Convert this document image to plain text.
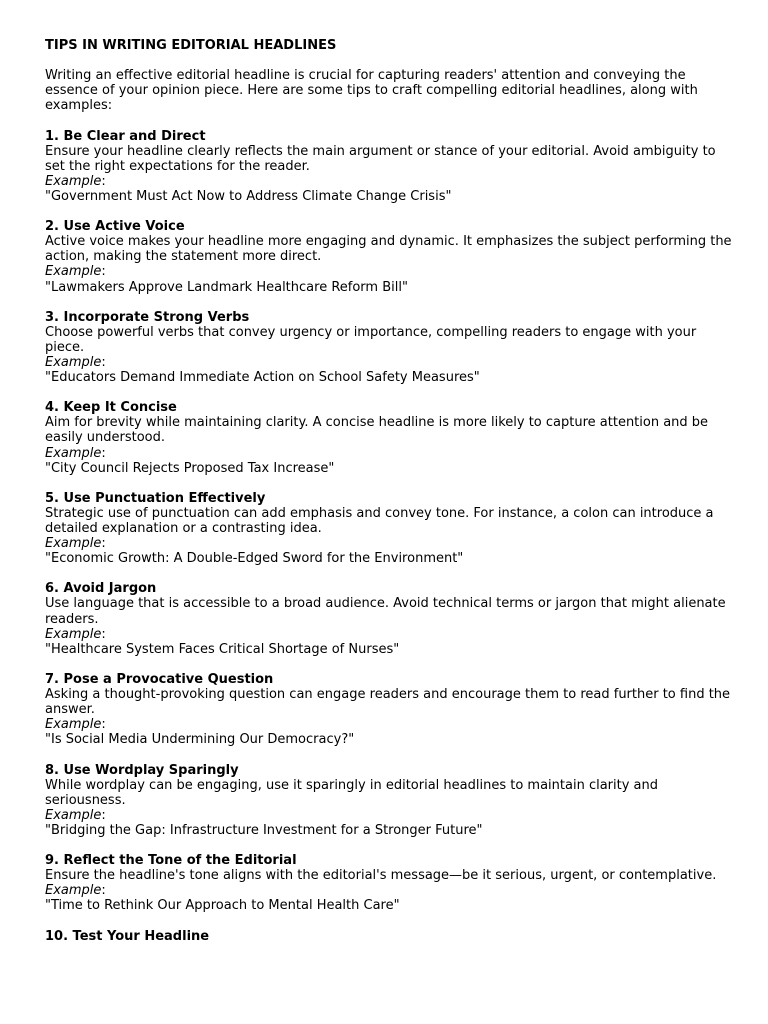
TIPS IN WRITING EDITORIAL HEADLINES
Writing an effective editorial headline is crucial for capturing readers' attention and conveying the essence of your opinion piece. Here are some tips to craft compelling editorial headlines, along with examples:
1. Be Clear and Direct
Ensure your headline clearly reflects the main argument or stance of your editorial. Avoid ambiguity to set the right expectations for the reader.
Example:
"Government Must Act Now to Address Climate Change Crisis"
2. Use Active Voice
Active voice makes your headline more engaging and dynamic. It emphasizes the subject performing the action, making the statement more direct.
Example:
"Lawmakers Approve Landmark Healthcare Reform Bill"
3. Incorporate Strong Verbs
Choose powerful verbs that convey urgency or importance, compelling readers to engage with your piece.
Example:
"Educators Demand Immediate Action on School Safety Measures"
4. Keep It Concise
Aim for brevity while maintaining clarity. A concise headline is more likely to capture attention and be easily understood.
Example:
"City Council Rejects Proposed Tax Increase"
5. Use Punctuation Effectively
Strategic use of punctuation can add emphasis and convey tone. For instance, a colon can introduce a detailed explanation or a contrasting idea.
Example:
"Economic Growth: A Double-Edged Sword for the Environment"
6. Avoid Jargon
Use language that is accessible to a broad audience. Avoid technical terms or jargon that might alienate readers.
Example:
"Healthcare System Faces Critical Shortage of Nurses"
7. Pose a Provocative Question
Asking a thought-provoking question can engage readers and encourage them to read further to find the answer.
Example:
"Is Social Media Undermining Our Democracy?"
8. Use Wordplay Sparingly
While wordplay can be engaging, use it sparingly in editorial headlines to maintain clarity and seriousness.
Example:
"Bridging the Gap: Infrastructure Investment for a Stronger Future"
9. Reflect the Tone of the Editorial
Ensure the headline's tone aligns with the editorial's message—be it serious, urgent, or contemplative.
Example:
"Time to Rethink Our Approach to Mental Health Care"
10. Test Your Headline
